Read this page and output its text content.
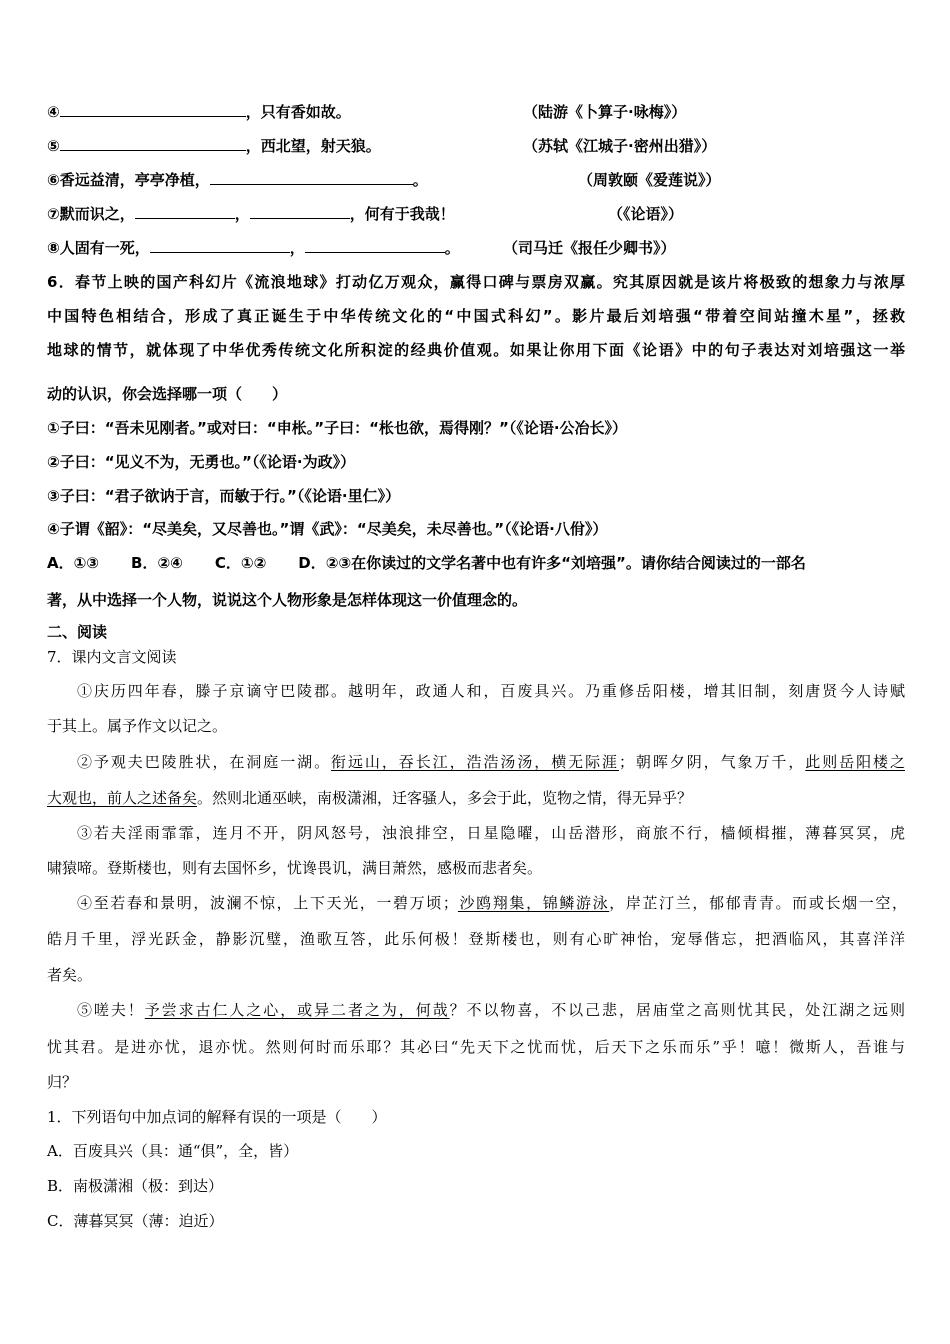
④	，只有香如故。	（陆游《卜算子·咏梅》）
⑤	，西北望，射天狼。	（苏轼《江城子·密州出猎》）
⑥香远益清，亭亭净植，	。	（周敦颐《爱莲说》）
⑦默而识之，	，	，何有于我哉！	（《论语》）
⑧人固有一死，	，	。	（司马迁《报任少卿书》）
6．春节上映的国产科幻片《流浪地球》打动亿万观众，赢得口碑与票房双赢。究其原因就是该片将极致的想象力与浓厚
中国特色相结合，形成了真正诞生于中华传统文化的“中国式科幻”。影片最后刘培强“带着空间站撞木星”，拯救
地球的情节，就体现了中华优秀传统文化所积淀的经典价值观。如果让你用下面《论语》中的句子表达对刘培强这一举
动的认识，你会选择哪一项（　　）
①子曰：“吾未见刚者。”或对曰：“申枨。”子曰：“枨也欲，焉得刚？”（《论语·公冶长》）
②子曰：“见义不为，无勇也。”（《论语·为政》）
③子曰：“君子欲讷于言，而敏于行。”（《论语·里仁》）
④子谓《韶》：“尽美矣，又尽善也。”谓《武》：“尽美矣，未尽善也。”（《论语·八佾》）
A．①③ B．②④ C．①② D．②③在你读过的文学名著中也有许多“刘培强”。请你结合阅读过的一部名
著，从中选择一个人物，说说这个人物形象是怎样体现这一价值理念的。
二、阅读
7．课内文言文阅读
①庆历四年春，滕子京谪守巴陵郡。越明年，政通人和，百废具兴。乃重修岳阳楼，增其旧制，刻唐贤今人诗赋
于其上。属予作文以记之。
②予观夫巴陵胜状，在洞庭一湖。衔远山，吞长江，浩浩汤汤，横无际涯；朝晖夕阴，气象万千，此则岳阳楼之
大观也，前人之述备矣。然则北通巫峡，南极潇湘，迁客骚人，多会于此，览物之情，得无异乎？
③若夫淫雨霏霏，连月不开，阴风怒号，浊浪排空，日星隐曜，山岳潜形，商旅不行，樯倾楫摧，薄暮冥冥，虎
啸猿啼。登斯楼也，则有去国怀乡，忧谗畏讥，满目萧然，感极而悲者矣。
④至若春和景明，波澜不惊，上下天光，一碧万顷；沙鸥翔集，锦鳞游泳，岸芷汀兰，郁郁青青。而或长烟一空，
皓月千里，浮光跃金，静影沉璧，渔歌互答，此乐何极！登斯楼也，则有心旷神怡，宠辱偕忘，把酒临风，其喜洋洋
者矣。
⑤嗟夫！予尝求古仁人之心，或异二者之为，何哉？不以物喜，不以己悲，居庙堂之高则忧其民，处江湖之远则
忧其君。是进亦忧，退亦忧。然则何时而乐耶？其必曰“先天下之忧而忧，后天下之乐而乐”乎！噫！微斯人，吾谁与
归？
1．下列语句中加点词的解释有误的一项是（　　）
A．百废具兴（具：通“俱”，全，皆）
B．南极潇湘（极：到达）
C．薄暮冥冥（薄：迫近）
